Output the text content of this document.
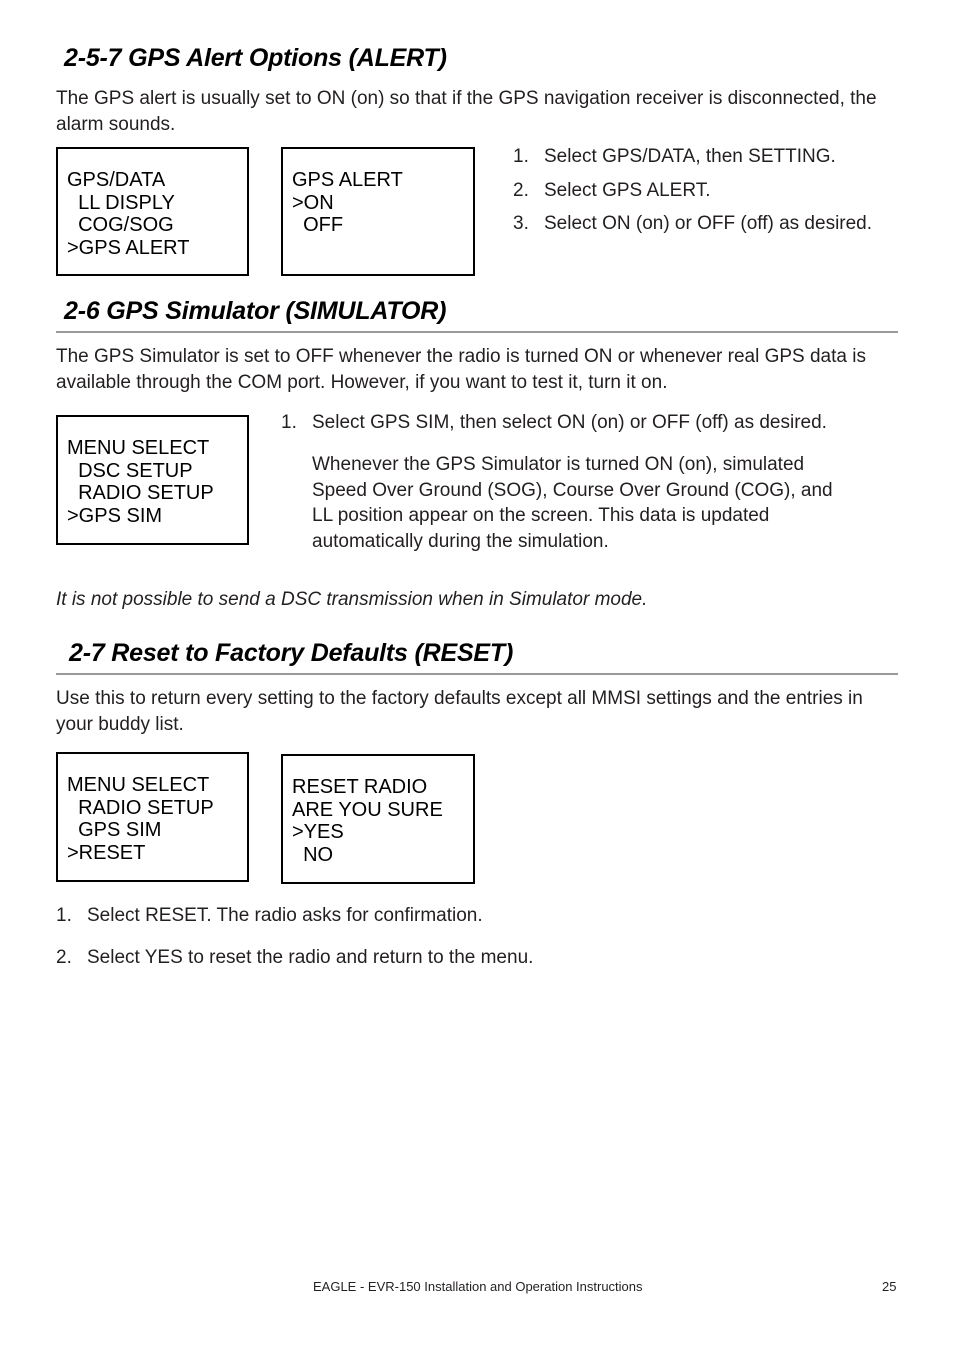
2-5-7 GPS Alert Options (ALERT)
The GPS alert is usually set to ON (on) so that if the GPS navigation receiver is disconnected, the alarm sounds.
GPS/DATA
LL DISPLY
COG/SOG
>GPS ALERT
GPS ALERT
>ON
OFF
1. Select GPS/DATA, then SETTING.
2. Select GPS ALERT.
3. Select ON (on) or OFF (off) as desired.
2-6 GPS Simulator (SIMULATOR)
The GPS Simulator is set to OFF whenever the radio is turned ON or whenever real GPS data is available through the COM port. However, if you want to test it, turn it on.
MENU SELECT
DSC SETUP
RADIO SETUP
>GPS SIM
1. Select GPS SIM, then select ON (on) or OFF (off) as desired.
Whenever the GPS Simulator is turned ON (on), simulated Speed Over Ground (SOG), Course Over Ground (COG), and LL position appear on the screen. This data is updated automatically during the simulation.
It is not possible to send a DSC transmission when in Simulator mode.
2-7 Reset to Factory Defaults (RESET)
Use this to return every setting to the factory defaults except all MMSI settings and the entries in your buddy list.
MENU SELECT
RADIO SETUP
GPS SIM
>RESET
RESET RADIO
ARE YOU SURE
>YES
NO
1. Select RESET. The radio asks for confirmation.
2. Select YES to reset the radio and return to the menu.
EAGLE - EVR-150 Installation and Operation Instructions	25
